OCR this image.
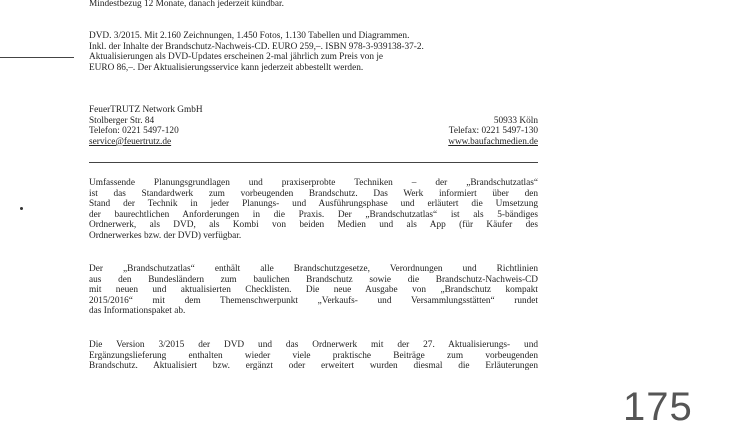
Mindestbezug 12 Monate, danach jederzeit kündbar.
DVD. 3/2015. Mit 2.160 Zeichnungen, 1.450 Fotos, 1.130 Tabellen und Diagrammen.
Inkl. der Inhalte der Brandschutz-Nachweis-CD. EURO 259,–. ISBN 978-3-939138-37-2.
Aktualisierungen als DVD-Updates erscheinen 2-mal jährlich zum Preis von je
EURO 86,–. Der Aktualisierungsservice kann jederzeit abbestellt werden.
FeuerTRUTZ Network GmbH
Stolberger Str. 84	50933 Köln
Telefon: 0221 5497-120	Telefax: 0221 5497-130
service@feuertrutz.de	www.baufachmedien.de
Umfassende Planungsgrundlagen und praxiserprobte Techniken – der „Brandschutzatlas“
ist das Standardwerk zum vorbeugenden Brandschutz. Das Werk informiert über den
Stand der Technik in jeder Planungs- und Ausführungsphase und erläutert die Umsetzung
der baurechtlichen Anforderungen in die Praxis. Der „Brandschutzatlas“ ist als 5-bändiges
Ordnerwerk, als DVD, als Kombi von beiden Medien und als App (für Käufer des
Ordnerwerkes bzw. der DVD) verfügbar.
Der „Brandschutzatlas“ enthält alle Brandschutzgesetze, Verordnungen und Richtlinien
aus den Bundesländern zum baulichen Brandschutz sowie die Brandschutz-Nachweis-CD
mit neuen und aktualisierten Checklisten. Die neue Ausgabe von „Brandschutz kompakt
2015/2016“ mit dem Themenschwerpunkt „Verkaufs- und Versammlungsstätten“ rundet
das Informationspaket ab.
Die Version 3/2015 der DVD und das Ordnerwerk mit der 27. Aktualisierungs- und
Ergänzungslieferung enthalten wieder viele praktische Beiträge zum vorbeugenden
Brandschutz. Aktualisiert bzw. ergänzt oder erweitert wurden diesmal die Erläuterungen
175
